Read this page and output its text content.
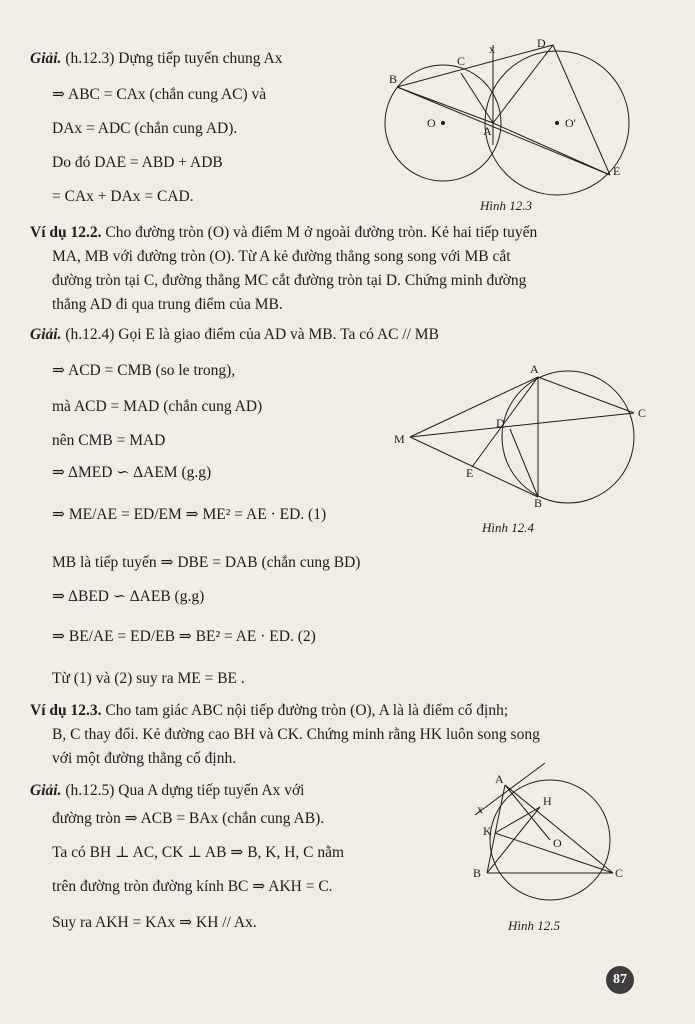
Giải. (h.12.3) Dựng tiếp tuyến chung Ax
⇒ ABC = CAx (chắn cung AC) và
DAx = ADC (chắn cung AD).
Do đó DAE = ABD + ADB
= CAx + DAx = CAD.
Ví dụ 12.2. Cho đường tròn (O) và điểm M ở ngoài đường tròn. Kẻ hai tiếp tuyến
MA, MB với đường tròn (O). Từ A kẻ đường thẳng song song với MB cắt
đường tròn tại C, đường thẳng MC cắt đường tròn tại D. Chứng minh đường
thẳng AD đi qua trung điểm của MB.
Giải. (h.12.4) Gọi E là giao điểm của AD và MB. Ta có AC // MB
⇒ ACD = CMB (so le trong),
mà ACD = MAD (chắn cung AD)
nên CMB = MAD
⇒ ΔMED ∽ ΔAEM (g.g)
⇒ ME/AE = ED/EM ⇒ ME² = AE · ED. (1)
MB là tiếp tuyến ⇒ DBE = DAB (chắn cung BD)
⇒ ΔBED ∽ ΔAEB (g.g)
⇒ BE/AE = ED/EB ⇒ BE² = AE · ED. (2)
Từ (1) và (2) suy ra ME = BE .
Ví dụ 12.3. Cho tam giác ABC nội tiếp đường tròn (O), A là là điểm cố định;
B, C thay đổi. Kẻ đường cao BH và CK. Chứng minh rằng HK luôn song song
với một đường thẳng cố định.
Giải. (h.12.5) Qua A dựng tiếp tuyến Ax với
đường tròn ⇒ ACB = BAx (chắn cung AB).
Ta có BH ⊥ AC, CK ⊥ AB ⇒ B, K, H, C nằm
trên đường tròn đường kính BC ⇒ AKH = C.
Suy ra AKH = KAx ⇒ KH // Ax.
x	D
C
B
O
A
O'
E
Hình 12.3
A
C
D
M
E
B
Hình 12.4
x
A
H
K
O
B	C
Hình 12.5
87
